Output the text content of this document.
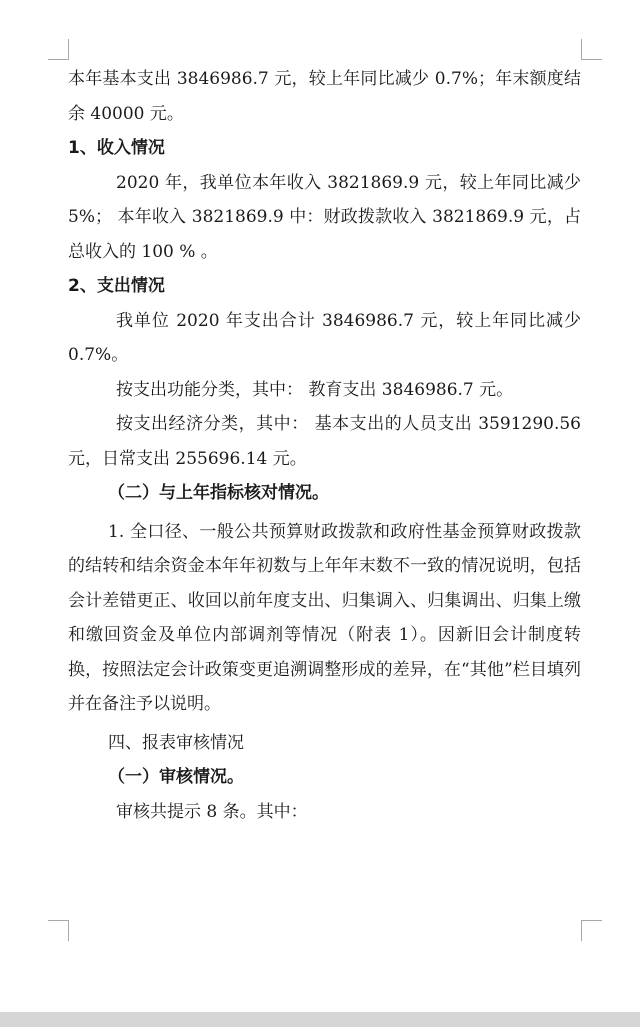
本年基本支出 3846986.7 元，较上年同比减少 0.7%；年末额度结余 40000 元。

1、收入情况

2020 年，我单位本年收入 3821869.9 元，较上年同比减少 5%； 本年收入 3821869.9 中：财政拨款收入 3821869.9 元，占总收入的 100 % 。

2、支出情况

我单位 2020 年支出合计 3846986.7 元，较上年同比减少 0.7%。

按支出功能分类，其中： 教育支出 3846986.7 元。

按支出经济分类，其中： 基本支出的人员支出 3591290.56 元，日常支出 255696.14 元。

（二）与上年指标核对情况。

1. 全口径、一般公共预算财政拨款和政府性基金预算财政拨款的结转和结余资金本年年初数与上年年末数不一致的情况说明，包括会计差错更正、收回以前年度支出、归集调入、归集调出、归集上缴和缴回资金及单位内部调剂等情况（附表 1）。因新旧会计制度转换，按照法定会计政策变更追溯调整形成的差异，在“其他”栏目填列并在备注予以说明。

四、报表审核情况

（一）审核情况。

审核共提示 8 条。其中：
